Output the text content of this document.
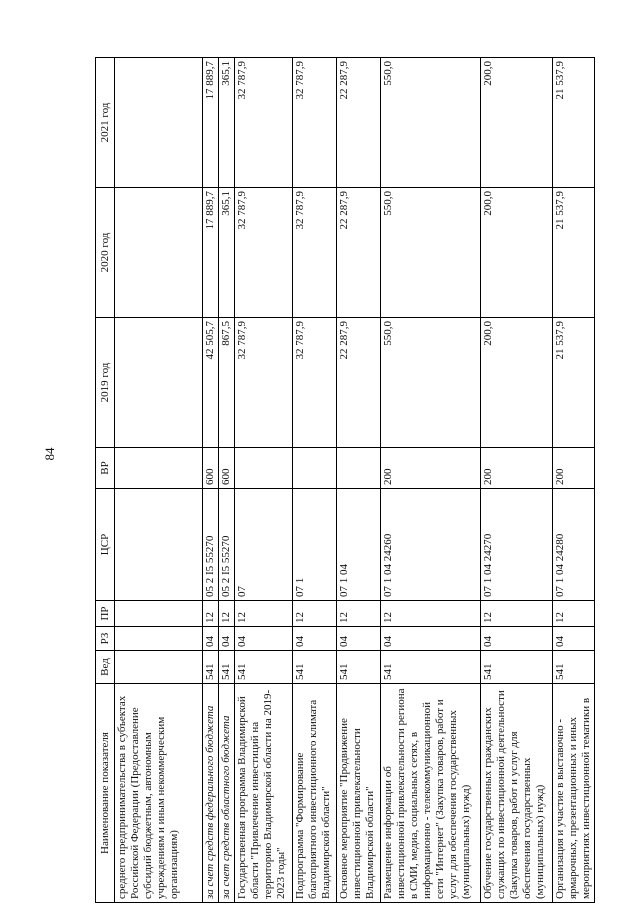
84
Наименование показателя	Вед	РЗ	ПР	ЦСР	ВР	2019 год	2020 год	2021 год
среднего предпринимательства в субъектах Российской Федерации (Предоставление субсидий бюджетным, автономным учреждениям и иным некоммерческим организациям)								
за счет средств федерального бюджета	541	04	12	05 2 I5 55270	600	42 505,7	17 889,7	17 889,7
за счет средств областного бюджета	541	04	12	05 2 I5 55270	600	867,5	365,1	365,1
Государственная программа Владимирской области "Привлечение инвестиций на территорию Владимирской области на 2019-2023 годы"	541	04	12	07		32 787,9	32 787,9	32 787,9
Подпрограмма "Формирование благоприятного инвестиционного климата Владимирской области"	541	04	12	07 1		32 787,9	32 787,9	32 787,9
Основное мероприятие "Продвижение инвестиционной привлекательности Владимирской области"	541	04	12	07 1 04		22 287,9	22 287,9	22 287,9
Размещение информации об инвестиционной привлекательности региона в СМИ, медиа, социальных сетях, в информационно - телекоммуникационной сети "Интернет" (Закупка товаров, работ и услуг для обеспечения государственных (муниципальных) нужд)	541	04	12	07 1 04 24260	200	550,0	550,0	550,0
Обучение государственных гражданских служащих по инвестиционной деятельности (Закупка товаров, работ и услуг для обеспечения государственных (муниципальных) нужд)	541	04	12	07 1 04 24270	200	200,0	200,0	200,0
Организация и участие в выставочно - ярмарочных, презентационных и иных мероприятиях инвестиционной тематики в	541	04	12	07 1 04 24280	200	21 537,9	21 537,9	21 537,9
